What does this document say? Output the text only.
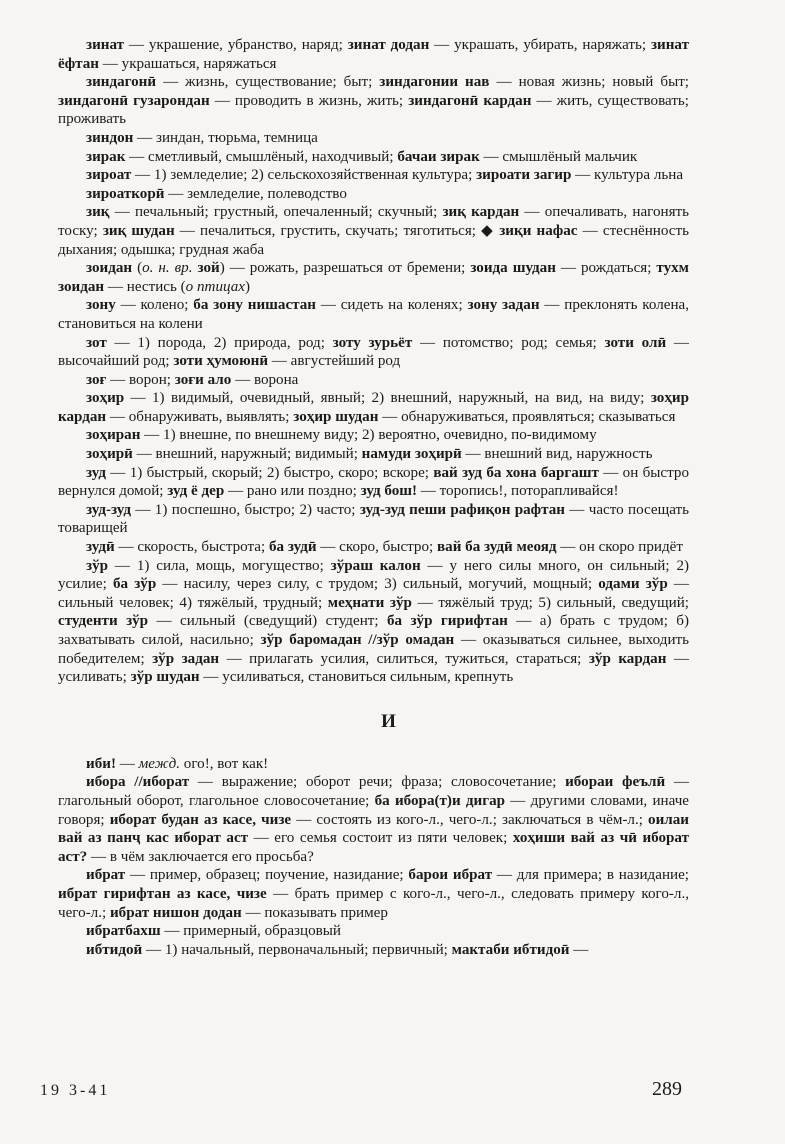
зинат — украшение, убранство, наряд; зинат додан — украшать, убирать, наряжать; зинат ёфтан — украшаться, наряжаться

зиндагонӣ — жизнь, существование; быт; зиндагонии нав — новая жизнь; новый быт; зиндагонӣ гузарондан — проводить в жизнь, жить; зиндагонӣ кардан — жить, существовать; проживать

зиндон — зиндан, тюрьма, темница

зирак — сметливый, смышлёный, находчивый; бачаи зирак — смышлёный мальчик

зироат — 1) земледелие; 2) сельскохозяйственная культура; зироати загир — культура льна

зироаткорӣ — земледелие, полеводство

зиқ — печальный; грустный, опечаленный; скучный; зиқ кардан — опечаливать, нагонять тоску; зиқ шудан — печалиться, грустить, скучать; тяготиться; ◆ зиқи нафас — стеснённость дыхания; одышка; грудная жаба

зоидан (о. н. вр. зой) — рожать, разрешаться от бремени; зоида шудан — рождаться; тухм зоидан — нестись (о птицах)

зону — колено; ба зону нишастан — сидеть на коленях; зону задан — преклонять колена, становиться на колени

зот — 1) порода, 2) природа, род; зоту зурьёт — потомство; род; семья; зоти олӣ — высочайший род; зоти ҳумоюнӣ — августейший род

зоғ — ворон; зоғи ало — ворона

зоҳир — 1) видимый, очевидный, явный; 2) внешний, наружный, на вид, на виду; зоҳир кардан — обнаруживать, выявлять; зоҳир шудан — обнаруживаться, проявляться; сказываться

зоҳиран — 1) внешне, по внешнему виду; 2) вероятно, очевидно, по-видимому

зоҳирӣ — внешний, наружный; видимый; намуди зоҳирӣ — внешний вид, наружность

зуд — 1) быстрый, скорый; 2) быстро, скоро; вскоре; вай зуд ба хона баргашт — он быстро вернулся домой; зуд ё дер — рано или поздно; зуд бош! — торопись!, поторапливайся!

зуд-зуд — 1) поспешно, быстро; 2) часто; зуд-зуд пеши рафиқон рафтан — часто посещать товарищей

зудӣ — скорость, быстрота; ба зудӣ — скоро, быстро; вай ба зудӣ меояд — он скоро придёт

зўр — 1) сила, мощь, могущество; зўраш калон — у него силы много, он сильный; 2) усилие; ба зўр — насилу, через силу, с трудом; 3) сильный, могучий, мощный; одами зўр — сильный человек; 4) тяжёлый, трудный; меҳнати зўр — тяжёлый труд; 5) сильный, сведущий; студенти зўр — сильный (сведущий) студент; ба зўр гирифтан — а) брать с трудом; б) захватывать силой, насильно; зўр баромадан //зўр омадан — оказываться сильнее, выходить победителем; зўр задан — прилагать усилия, силиться, тужиться, стараться; зўр кардан — усиливать; зўр шудан — усиливаться, становиться сильным, крепнуть

И

иби! — межд. ого!, вот как!

ибора //иборат — выражение; оборот речи; фраза; словосочетание; ибораи феълӣ — глагольный оборот, глагольное словосочетание; ба ибора(т)и дигар — другими словами, иначе говоря; иборат будан аз касе, чизе — состоять из кого-л., чего-л.; заключаться в чём-л.; оилаи вай аз панҷ кас иборат аст — его семья состоит из пяти человек; хоҳиши вай аз чӣ иборат аст? — в чём заключается его просьба?

ибрат — пример, образец; поучение, назидание; барои ибрат — для примера; в назидание; ибрат гирифтан аз касе, чизе — брать пример с кого-л., чего-л., следовать примеру кого-л., чего-л.; ибрат нишон додан — показывать пример

ибратбахш — примерный, образцовый

ибтидоӣ — 1) начальный, первоначальный; первичный; мактаби ибтидоӣ —

19 3-41	289
